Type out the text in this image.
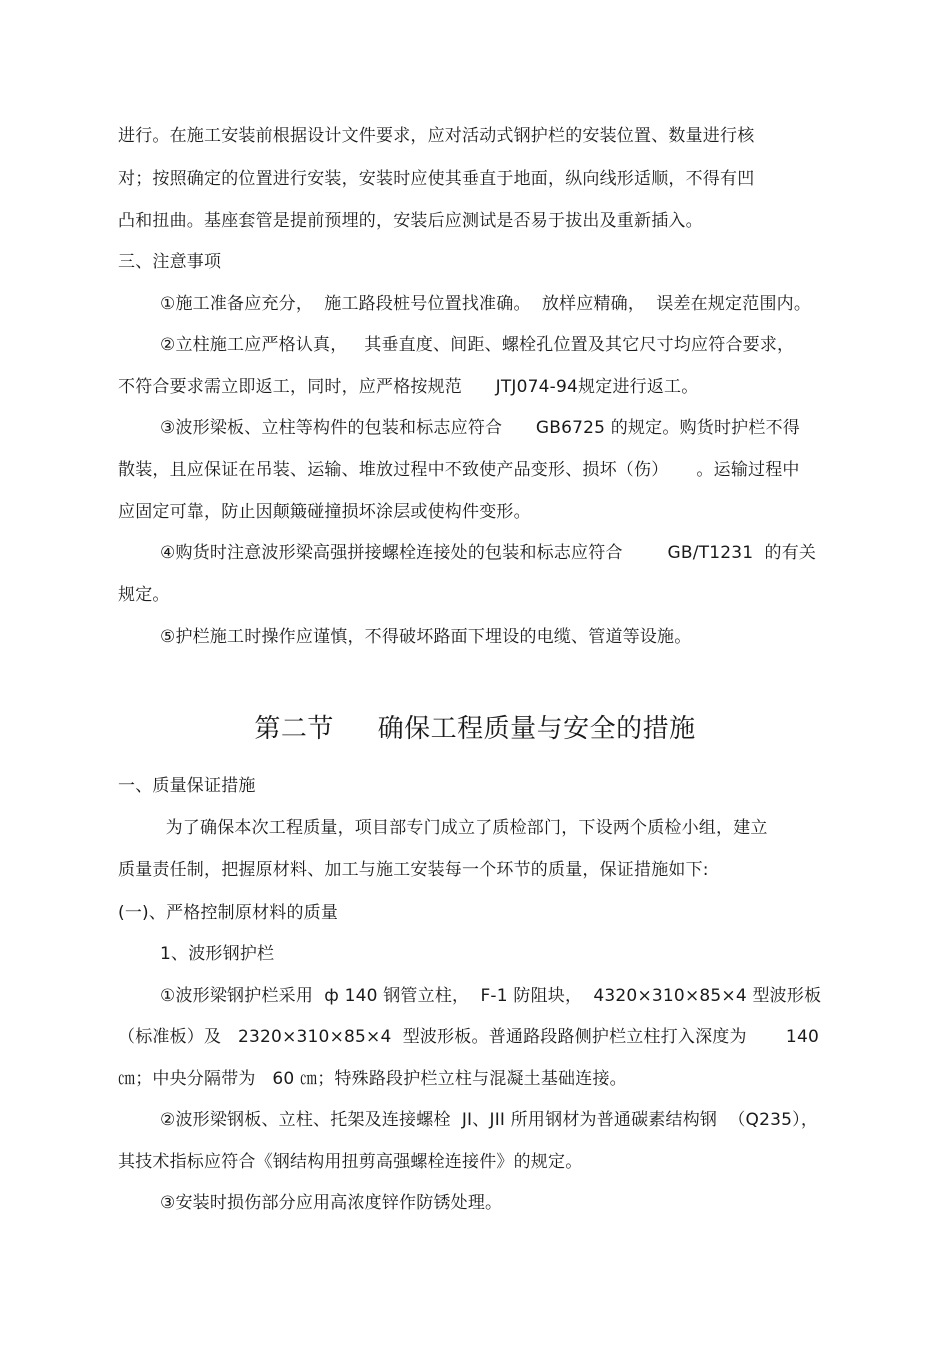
进行。在施工安装前根据设计文件要求，应对活动式钢护栏的安装位置、数量进行核
对；按照确定的位置进行安装，安装时应使其垂直于地面，纵向线形适顺，不得有凹
凸和扭曲。基座套管是提前预埋的，安装后应测试是否易于拔出及重新插入。
三、注意事项
①施工准备应充分，  施工路段桩号位置找准确。  放样应精确，  误差在规定范围内。
②立柱施工应严格认真，   其垂直度、间距、螺栓孔位置及其它尺寸均应符合要求，
不符合要求需立即返工，同时，应严格按规范      JTJ074-94规定进行返工。
③波形梁板、立柱等构件的包装和标志应符合      GB6725 的规定。购货时护栏不得
散装，且应保证在吊装、运输、堆放过程中不致使产品变形、损坏（伤）     。运输过程中
应固定可靠，防止因颠簸碰撞损坏涂层或使构件变形。
④购货时注意波形梁高强拼接螺栓连接处的包装和标志应符合        GB/T1231  的有关
规定。
⑤护栏施工时操作应谨慎，不得破坏路面下埋设的电缆、管道等设施。
第二节     确保工程质量与安全的措施
一、质量保证措施
为了确保本次工程质量，项目部专门成立了质检部门，下设两个质检小组，建立
质量责任制，把握原材料、加工与施工安装每一个环节的质量，保证措施如下:
(一)、严格控制原材料的质量
1、波形钢护栏
①波形梁钢护栏采用  ф 140 钢管立柱，  F-1 防阻块，  4320×310×85×4 型波形板
（标准板）及   2320×310×85×4  型波形板。普通路段路侧护栏立柱打入深度为       140
㎝；中央分隔带为   60 ㎝；特殊路段护栏立柱与混凝土基础连接。
②波形梁钢板、立柱、托架及连接螺栓  JI、JII 所用钢材为普通碳素结构钢  （Q235），
其技术指标应符合《钢结构用扭剪高强螺栓连接件》的规定。
③安装时损伤部分应用高浓度锌作防锈处理。
